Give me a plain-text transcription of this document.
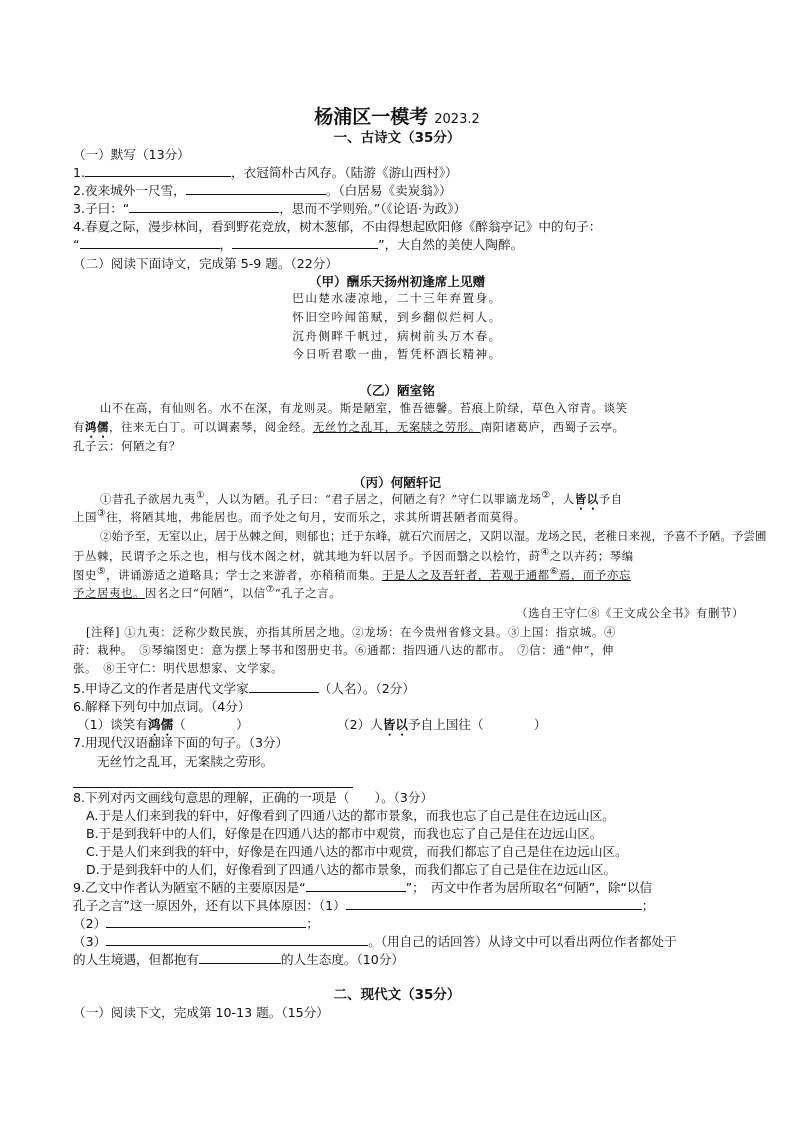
杨浦区一模考 2023.2
一、古诗文（35分）
（一）默写（13分）
1.	，衣冠简朴古风存。（陆游《游山西村》）
2.夜来城外一尺雪，	。（白居易《卖炭翁》）
3.子曰：“	，思而不学则殆。”（《论语·为政》）
4.春夏之际，漫步林间，看到野花竞放，树木葱郁，不由得想起欧阳修《醉翁亭记》中的句子：
“	，	”，大自然的美使人陶醉。
（二）阅读下面诗文，完成第 5-9 题。（22分）
（甲）酬乐天扬州初逢席上见赠
巴山楚水凄凉地，二十三年弃置身。
怀旧空吟闻笛赋，到乡翻似烂柯人。
沉舟侧畔千帆过，病树前头万木春。
今日听君歌一曲，暂凭杯酒长精神。
（乙）陋室铭
山不在高，有仙则名。水不在深，有龙则灵。斯是陋室，惟吾德馨。苔痕上阶绿，草色入帘青。谈笑
有鸿儒，往来无白丁。可以调素琴，阅金经。无丝竹之乱耳，无案牍之劳形。南阳诸葛庐，西蜀子云亭。
孔子云：何陋之有？
（丙）何陋轩记
①昔孔子欲居九夷①，人以为陋。孔子曰：“君子居之，何陋之有？”守仁以罪谪龙场②，人皆以予自
上国③往，将陋其地，弗能居也。而予处之旬月，安而乐之，求其所谓甚陋者而莫得。
②始予至，无室以止，居于丛棘之间，则郁也；迁于东峰，就石穴而居之，又阴以湿。龙场之民，老稚日来视，予喜不予陋。予尝圃
于丛棘，民谓予之乐之也，相与伐木阁之材，就其地为轩以居予。予因而翳之以桧竹，莳④之以卉药；琴编
图史⑤，讲诵游适之道略具；学士之来游者，亦稍稍而集。于是人之及吾轩者，若观于通都⑥焉，而予亦忘
予之居夷也。因名之曰“何陋”，以信⑦“孔子之言。
（选自王守仁⑧《王文成公全书》有删节）
[注释] ①九夷：泛称少数民族，亦指其所居之地。②龙场：在今贵州省修文县。③上国：指京城。④
莳：栽种。　⑤琴编图史：意为摆上琴书和图册史书。⑥通都：指四通八达的都市。　⑦信：通“伸”，伸
张。　⑧王守仁：明代思想家、文学家。
5.甲诗乙文的作者是唐代文学家	（人名）。（2分）
6.解释下列句中加点词。（4分）
（1）谈笑有鸿儒（　　　　）	（2）人皆以予自上国往（　　　　）
7.用现代汉语翻译下面的句子。（3分）
无丝竹之乱耳，无案牍之劳形。
8.下列对丙文画线句意思的理解，正确的一项是（　　）。（3分）
A.于是人们来到我的轩中，好像看到了四通八达的都市景象，而我也忘了自己是住在边远山区。
B.于是到我轩中的人们，好像是在四通八达的都市中观赏，而我也忘了自己是住在边远山区。
C.于是人们来到我的轩中，好像是在四通八达的都市中观赏，而我们都忘了自己是住在边远山区。
D.于是到我轩中的人们，好像看到了四通八达的都市景象，而我们都忘了自己是住在边远山区。
9.乙文中作者认为陋室不陋的主要原因是“	”；　丙文中作者为居所取名“何陋”，除“以信
孔子之言”这一原因外，还有以下具体原因：（1）	；
（2）	；
（3）	。（用自己的话回答）从诗文中可以看出两位作者都处于
的人生境遇，但都抱有	的人生态度。（10分）
二、现代文（35分）
（一）阅读下文，完成第 10-13 题。（15分）
